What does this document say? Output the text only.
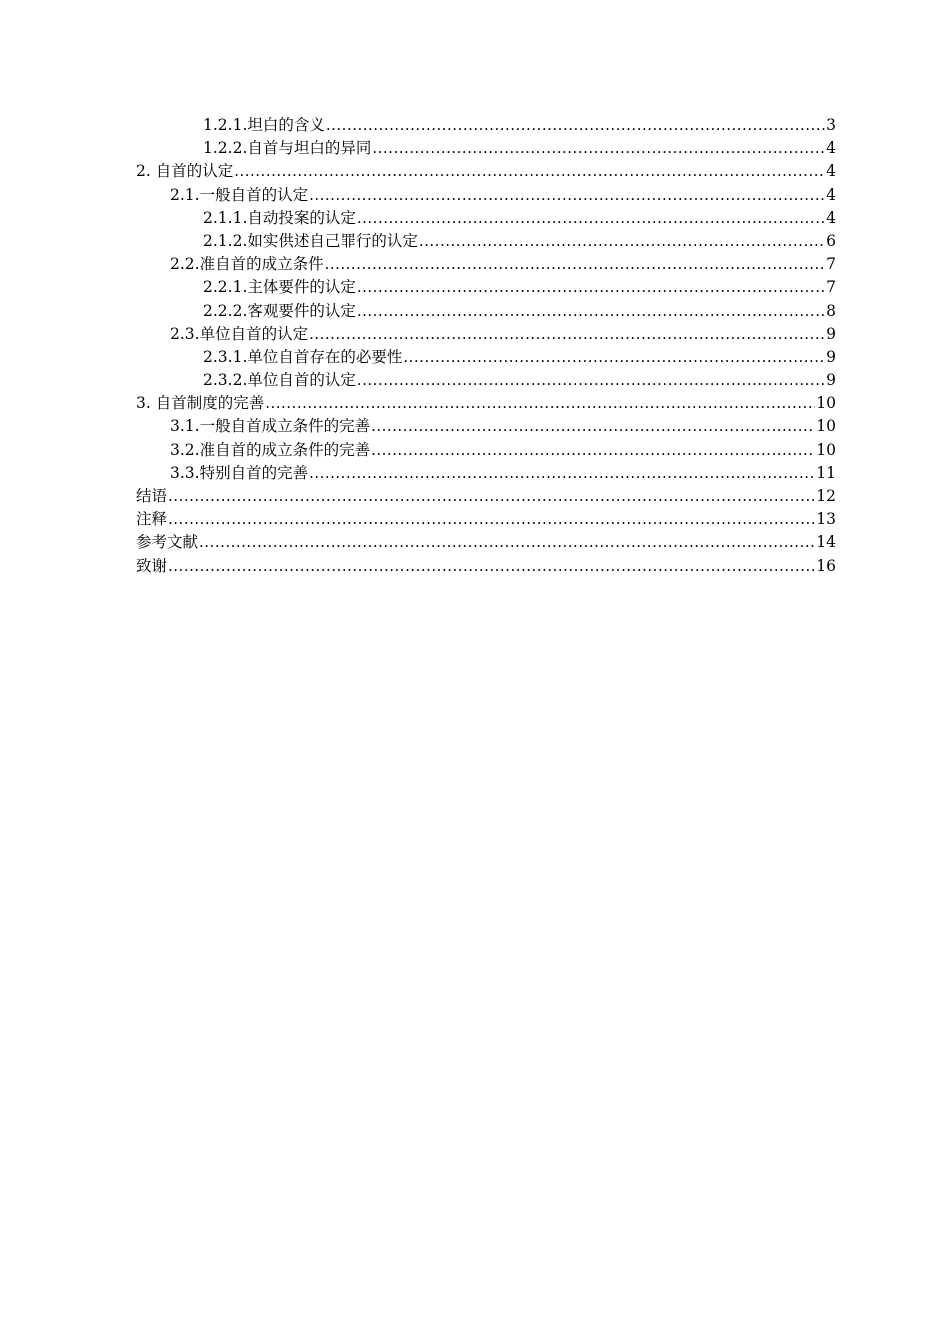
1.2.1.坦白的含义 .....	3
1.2.2.自首与坦白的异同 .....	4
2. 自首的认定 .....	4
2.1.一般自首的认定 .....	4
2.1.1.自动投案的认定 .....	4
2.1.2.如实供述自己罪行的认定 .....	6
2.2.准自首的成立条件 .....	7
2.2.1.主体要件的认定 .....	7
2.2.2.客观要件的认定 .....	8
2.3.单位自首的认定 .....	9
2.3.1.单位自首存在的必要性 .....	9
2.3.2.单位自首的认定 .....	9
3. 自首制度的完善 .....	10
3.1.一般自首成立条件的完善 .....	10
3.2.准自首的成立条件的完善 .....	10
3.3.特别自首的完善 .....	11
结语 .....	12
注释 .....	13
参考文献 .....	14
致谢 .....	16
